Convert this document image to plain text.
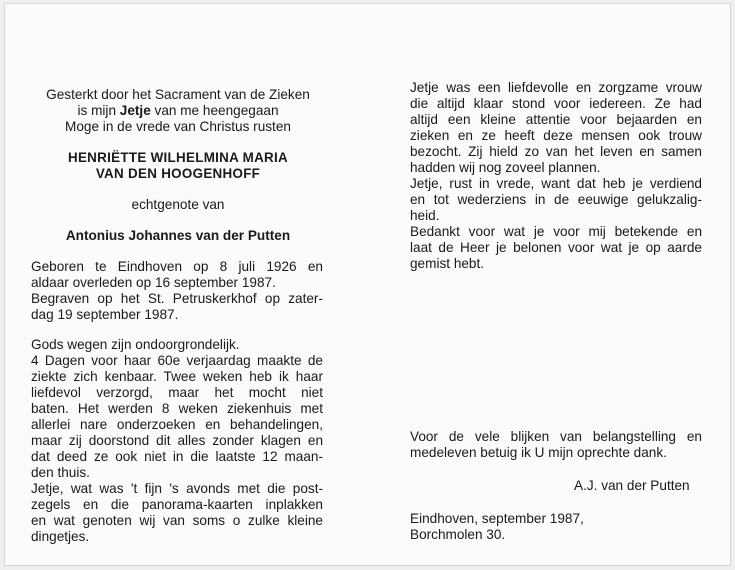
Gesterkt door het Sacrament van de Zieken
is mijn Jetje van me heengegaan
Moge in de vrede van Christus rusten
HENRIËTTE WILHELMINA MARIA
VAN DEN HOOGENHOFF
echtgenote van
Antonius Johannes van der Putten
Geboren te Eindhoven op 8 juli 1926 en
aldaar overleden op 16 september 1987.
Begraven op het St. Petruskerkhof op zater-
dag 19 september 1987.
Gods wegen zijn ondoorgrondelijk.
4 Dagen voor haar 60e verjaardag maakte de
ziekte zich kenbaar. Twee weken heb ik haar
liefdevol verzorgd, maar het mocht niet
baten. Het werden 8 weken ziekenhuis met
allerlei nare onderzoeken en behandelingen,
maar zij doorstond dit alles zonder klagen en
dat deed ze ook niet in die laatste 12 maan-
den thuis.
Jetje, wat was 't fijn 's avonds met die post-
zegels en die panorama-kaarten inplakken
en wat genoten wij van soms o zulke kleine
dingetjes.
Jetje was een liefdevolle en zorgzame vrouw
die altijd klaar stond voor iedereen. Ze had
altijd een kleine attentie voor bejaarden en
zieken en ze heeft deze mensen ook trouw
bezocht. Zij hield zo van het leven en samen
hadden wij nog zoveel plannen.
Jetje, rust in vrede, want dat heb je verdiend
en tot wederziens in de eeuwige gelukzalig-
heid.
Bedankt voor wat je voor mij betekende en
laat de Heer je belonen voor wat je op aarde
gemist hebt.
Voor de vele blijken van belangstelling en
medeleven betuig ik U mijn oprechte dank.
A.J. van der Putten
Eindhoven, september 1987,
Borchmolen 30.
